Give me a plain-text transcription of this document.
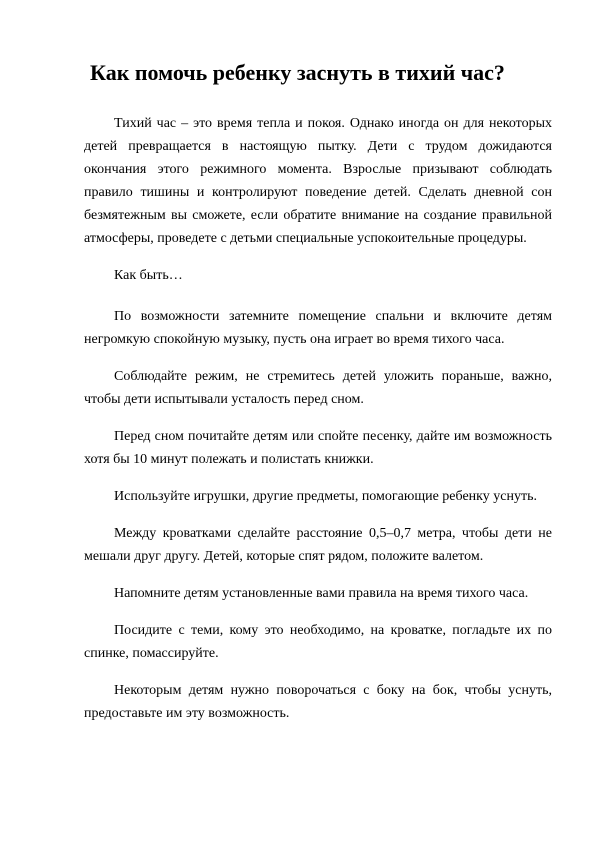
Как помочь ребенку заснуть в тихий час?

Тихий час – это время тепла и покоя. Однако иногда он для некоторых детей превращается в настоящую пытку. Дети с трудом дожидаются окончания этого режимного момента. Взрослые призывают соблюдать правило тишины и контролируют поведение детей. Сделать дневной сон безмятежным вы сможете, если обратите внимание на создание правильной атмосферы, проведете с детьми специальные успокоительные процедуры.

Как быть…

По возможности затемните помещение спальни и включите детям негромкую спокойную музыку, пусть она играет во время тихого часа.

Соблюдайте режим, не стремитесь детей уложить пораньше, важно, чтобы дети испытывали усталость перед сном.

Перед сном почитайте детям или спойте песенку, дайте им возможность хотя бы 10 минут полежать и полистать книжки.

Используйте игрушки, другие предметы, помогающие ребенку уснуть.

Между кроватками сделайте расстояние 0,5–0,7 метра, чтобы дети не мешали друг другу. Детей, которые спят рядом, положите валетом.

Напомните детям установленные вами правила на время тихого часа.

Посидите с теми, кому это необходимо, на кроватке, погладьте их по спинке, помассируйте.

Некоторым детям нужно поворочаться с боку на бок, чтобы уснуть, предоставьте им эту возможность.
